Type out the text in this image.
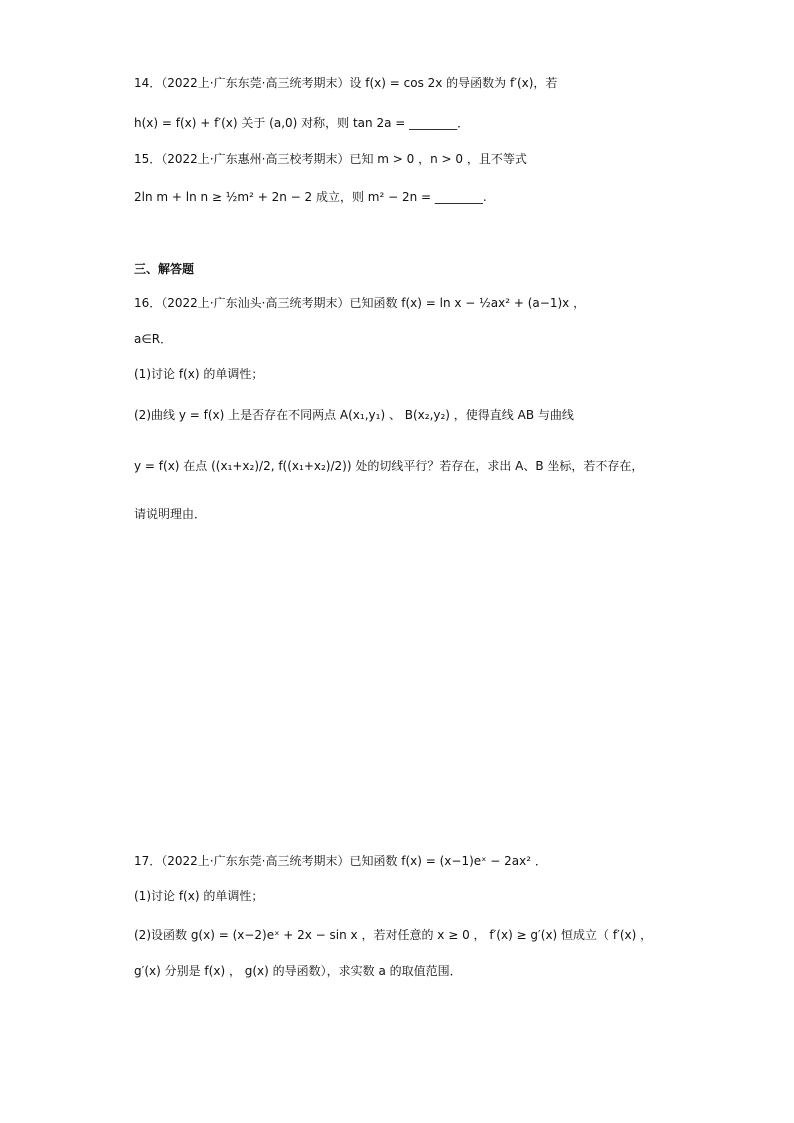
14．（2022上·广东东莞·高三统考期末）设 f(x) = cos 2x 的导函数为 f′(x)，若
h(x) = f(x) + f′(x) 关于 (a,0) 对称，则 tan 2a = ________．
15．（2022上·广东惠州·高三校考期末）已知 m > 0 ，n > 0 ，且不等式
2ln m + ln n ≥ ½m² + 2n − 2 成立，则 m² − 2n = ________.
三、解答题
16．（2022上·广东汕头·高三统考期末）已知函数 f(x) = ln x − ½ax² + (a−1)x ，
a∈R．
(1)讨论 f(x) 的单调性；
(2)曲线 y = f(x) 上是否存在不同两点 A(x₁,y₁) 、 B(x₂,y₂) ，使得直线 AB 与曲线
y = f(x) 在点 ((x₁+x₂)/2, f((x₁+x₂)/2)) 处的切线平行？若存在，求出 A、B 坐标，若不存在，
请说明理由．
17．（2022上·广东东莞·高三统考期末）已知函数 f(x) = (x−1)eˣ − 2ax² ．
(1)讨论 f(x) 的单调性；
(2)设函数 g(x) = (x−2)eˣ + 2x − sin x ，若对任意的 x ≥ 0 ， f′(x) ≥ g′(x) 恒成立（ f′(x) ，
g′(x) 分别是 f(x) ， g(x) 的导函数），求实数 a 的取值范围．
